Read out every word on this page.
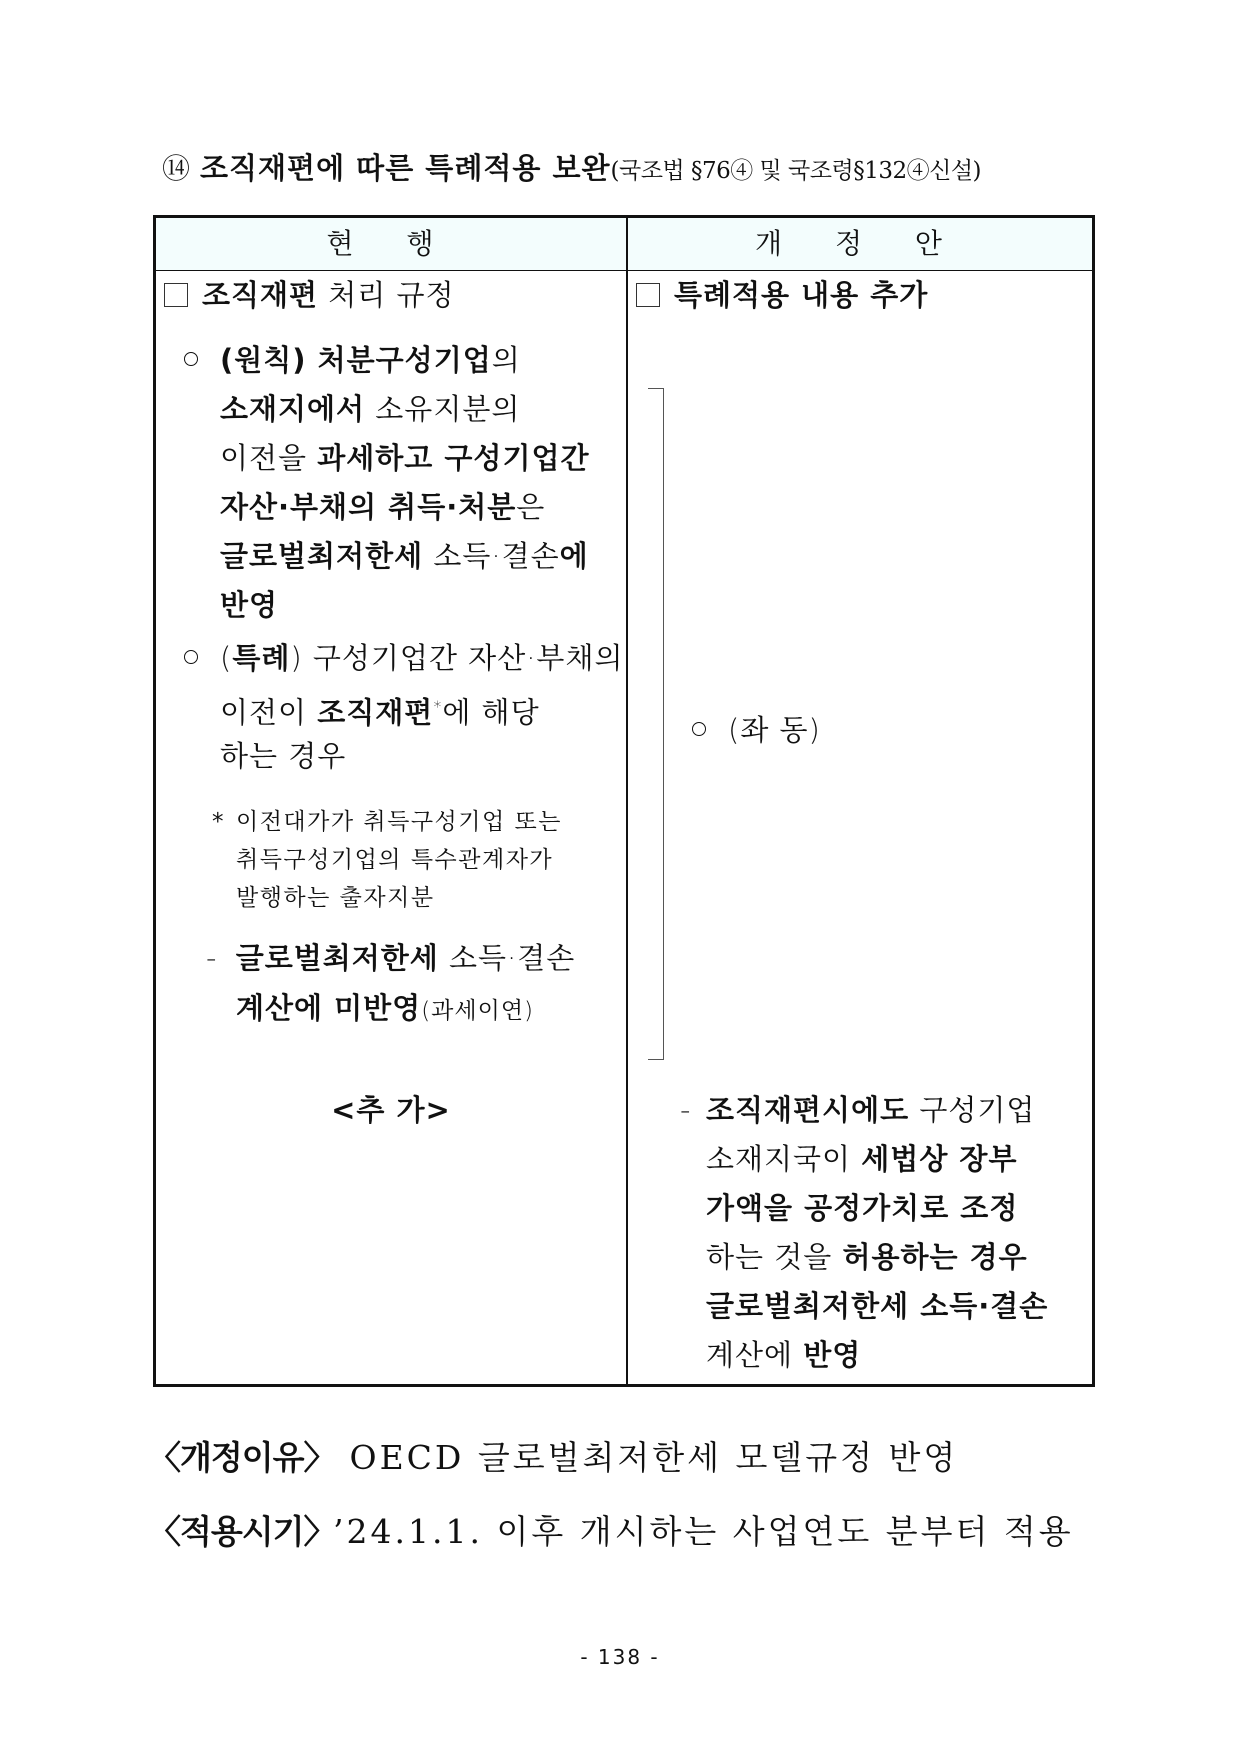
⑭ 조직재편에 따른 특례적용 보완(국조법 §76④ 및 국조령§132④신설)
현 행	개 정 안
조직재편 처리 규정
(원칙) 처분구성기업의
소재지에서 소유지분의
이전을 과세하고 구성기업간
자산·부채의 취득·처분은
글로벌최저한세 소득·결손에
반영
(특례) 구성기업간 자산·부채의
이전이 조직재편*에 해당
하는 경우
* 이전대가가 취득구성기업 또는
취득구성기업의 특수관계자가
발행하는 출자지분
- 글로벌최저한세 소득·결손
계산에 미반영(과세이연)
<추 가>
특례적용 내용 추가
(좌 동)
- 조직재편시에도 구성기업
소재지국이 세법상 장부
가액을 공정가치로 조정
하는 것을 허용하는 경우
글로벌최저한세 소득·결손
계산에 반영
〈개정이유〉 OECD 글로벌최저한세 모델규정 반영
〈적용시기〉 ’24.1.1. 이후 개시하는 사업연도 분부터 적용
- 138 -
